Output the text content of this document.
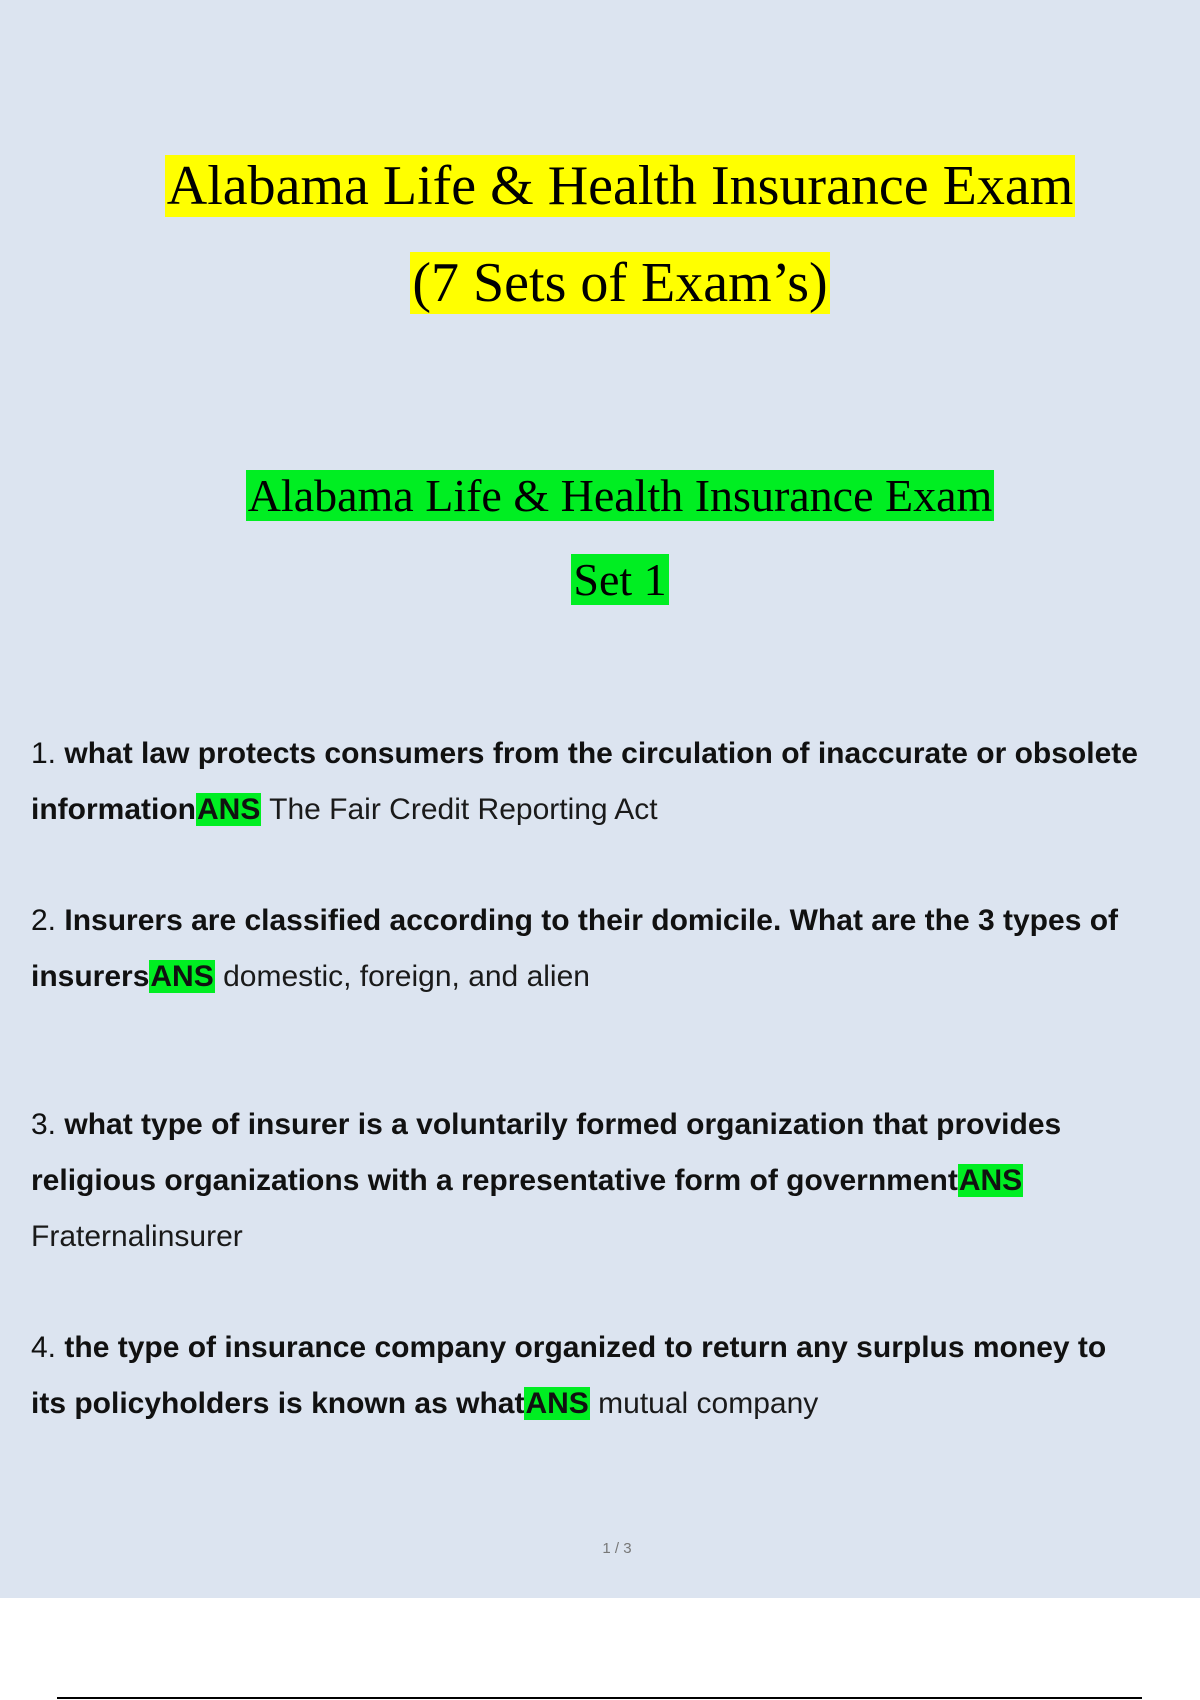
Alabama Life & Health Insurance Exam
(7 Sets of Exam’s)
Alabama Life & Health Insurance Exam
Set 1
1. what law protects consumers from the circulation of inaccurate or obsolete
informationANS The Fair Credit Reporting Act
2. Insurers are classified according to their domicile. What are the 3 types of
insurersANS domestic, foreign, and alien
3. what type of insurer is a voluntarily formed organization that provides
religious organizations with a representative form of governmentANS
Fraternalinsurer
4. the type of insurance company organized to return any surplus money to
its policyholders is known as whatANS mutual company
1 / 3
